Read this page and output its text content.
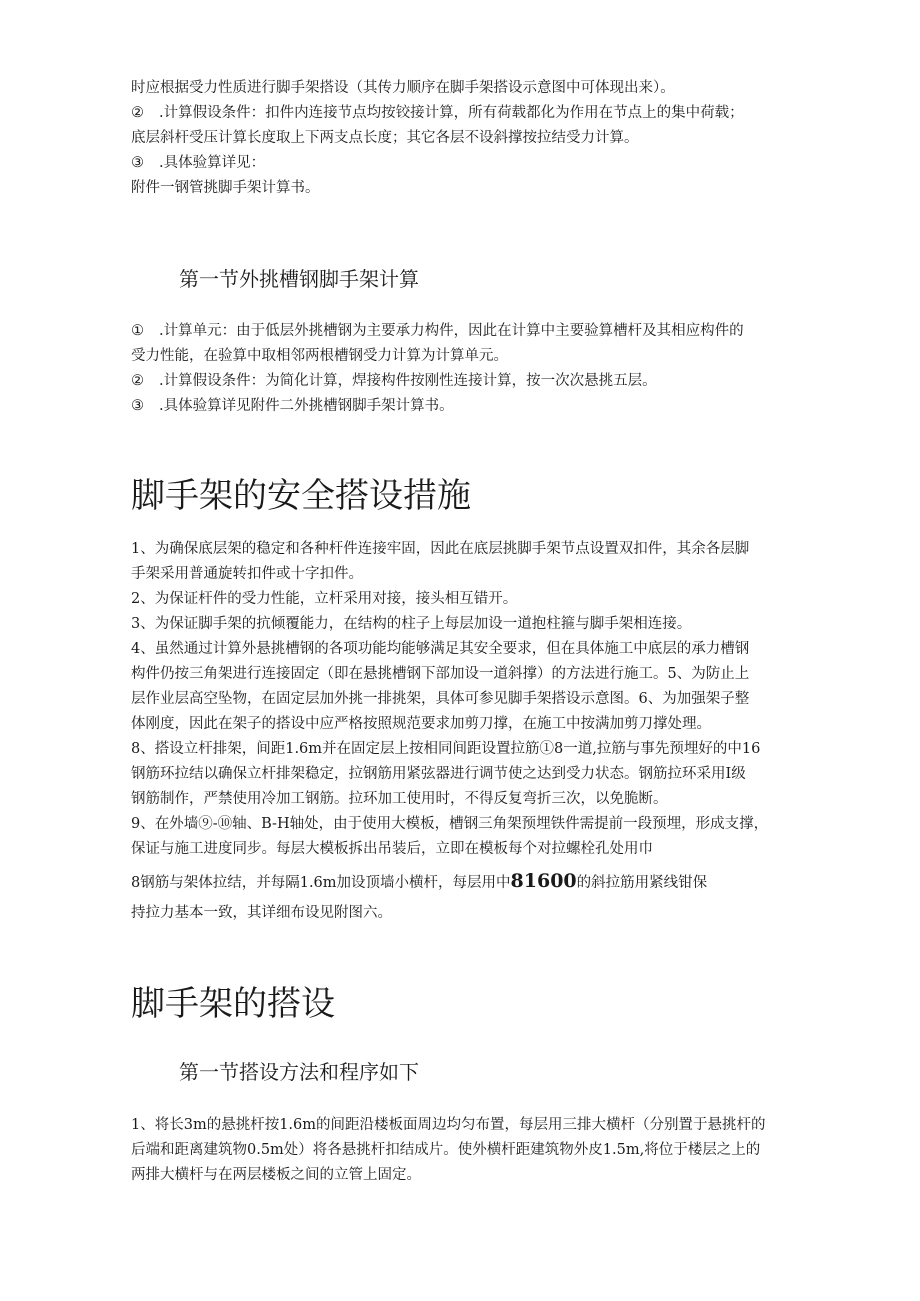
时应根据受力性质进行脚手架搭设（其传力顺序在脚手架搭设示意图中可体现出来）。
② .计算假设条件：扣件内连接节点均按铰接计算，所有荷载都化为作用在节点上的集中荷载；
底层斜杆受压计算长度取上下两支点长度；其它各层不设斜撑按拉结受力计算。
③ .具体验算详见：
附件一钢管挑脚手架计算书。
第一节外挑槽钢脚手架计算
① .计算单元：由于低层外挑槽钢为主要承力构件，因此在计算中主要验算槽杆及其相应构件的
受力性能，在验算中取相邻两根槽钢受力计算为计算单元。
② .计算假设条件：为简化计算，焊接构件按刚性连接计算，按一次次悬挑五层。
③ .具体验算详见附件二外挑槽钢脚手架计算书。
脚手架的安全搭设措施
1、为确保底层架的稳定和各种杆件连接牢固，因此在底层挑脚手架节点设置双扣件，其余各层脚
手架采用普通旋转扣件或十字扣件。
2、为保证杆件的受力性能，立杆采用对接，接头相互错开。
3、为保证脚手架的抗倾覆能力，在结构的柱子上每层加设一道抱柱箍与脚手架相连接。
4、虽然通过计算外悬挑槽钢的各项功能均能够满足其安全要求，但在具体施工中底层的承力槽钢
构件仍按三角架进行连接固定（即在悬挑槽钢下部加设一道斜撑）的方法进行施工。5、为防止上
层作业层高空坠物，在固定层加外挑一排挑架，具体可参见脚手架搭设示意图。6、为加强架子整
体刚度，因此在架子的搭设中应严格按照规范要求加剪刀撑，在施工中按满加剪刀撑处理。
8、搭设立杆排架，间距1.6m并在固定层上按相同间距设置拉筋①8一道,拉筋与事先预埋好的中16
钢筋环拉结以确保立杆排架稳定，拉钢筋用紧弦器进行调节使之达到受力状态。钢筋拉环采用I级
钢筋制作，严禁使用冷加工钢筋。拉环加工使用时，不得反复弯折三次，以免脆断。
9、在外墙⑨-⑩轴、B-H轴处，由于使用大模板，槽钢三角架预埋铁件需提前一段预埋，形成支撑，
保证与施工进度同步。每层大模板拆出吊装后，立即在模板每个对拉螺栓孔处用巾
8钢筋与架体拉结，并每隔1.6m加设顶墙小横杆，每层用中81600的斜拉筋用紧线钳保
持拉力基本一致，其详细布设见附图六。
脚手架的搭设
第一节搭设方法和程序如下
1、将长3m的悬挑杆按1.6m的间距沿楼板面周边均匀布置，每层用三排大横杆（分别置于悬挑杆的
后端和距离建筑物0.5m处）将各悬挑杆扣结成片。使外横杆距建筑物外皮1.5m,将位于楼层之上的
两排大横杆与在两层楼板之间的立管上固定。
